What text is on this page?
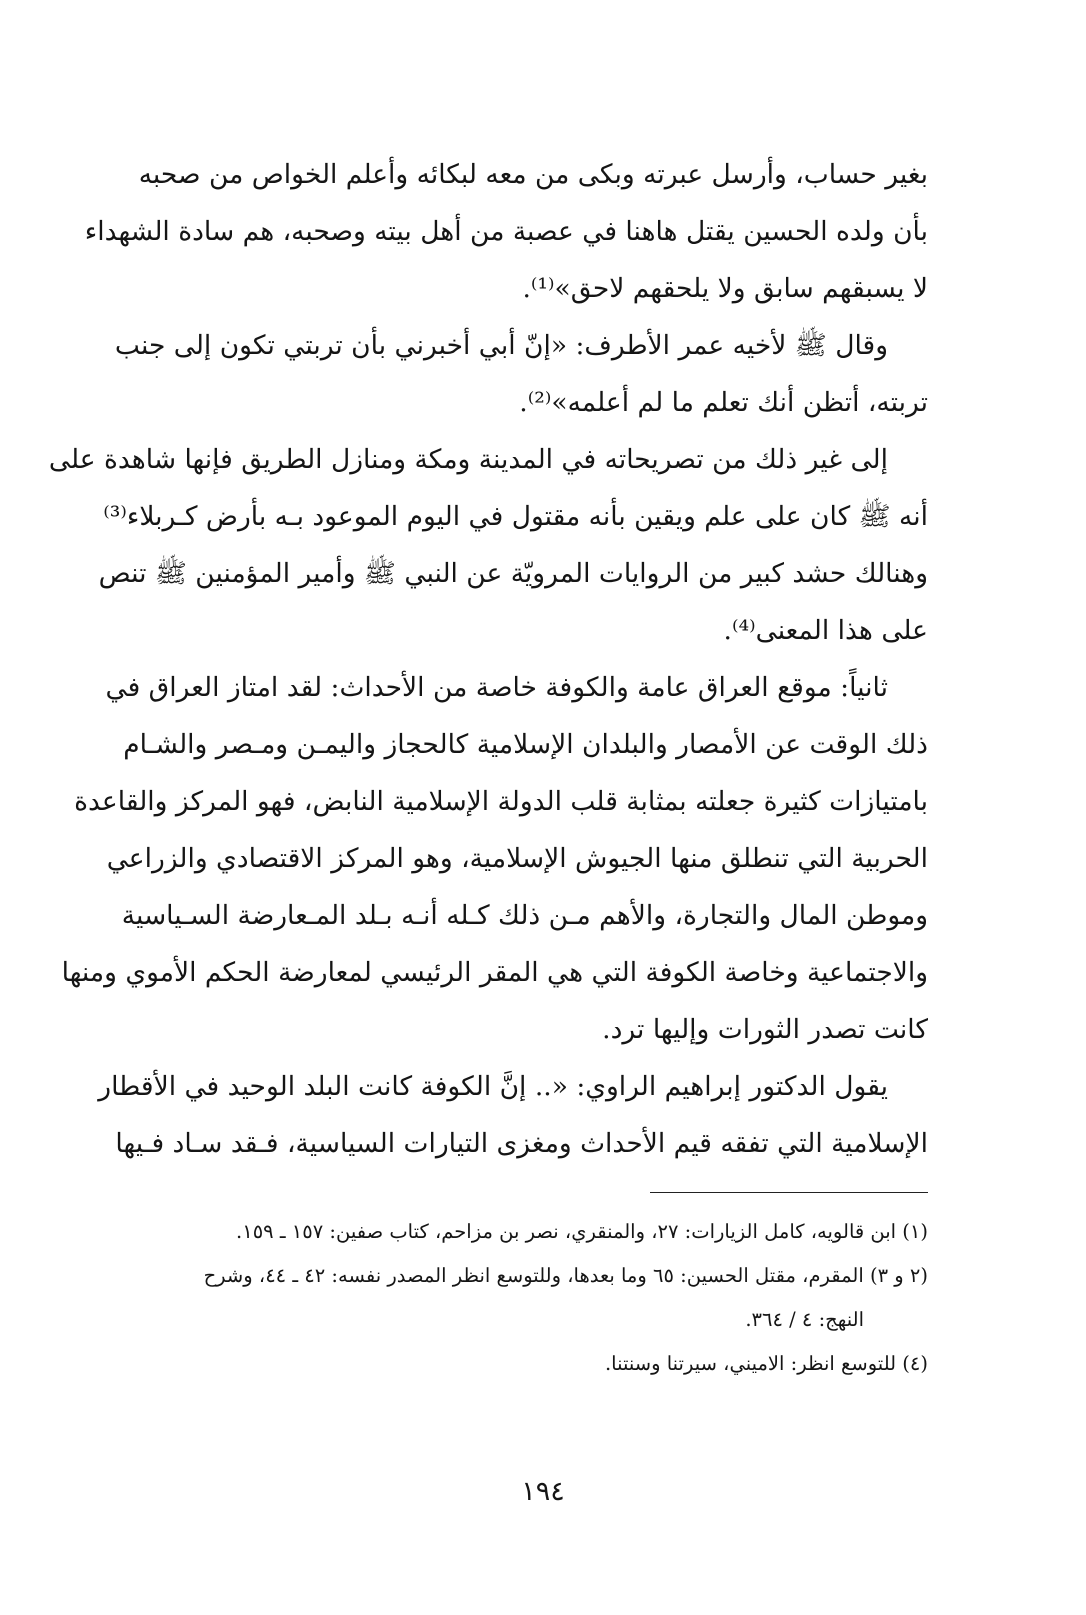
بغير حساب، وأرسل عبرته وبكى من معه لبكائه وأعلم الخواص من صحبه
بأن ولده الحسين يقتل هاهنا في عصبة من أهل بيته وصحبه، هم سادة الشهداء
لا يسبقهم سابق ولا يلحقهم لاحق»⁽¹⁾.
وقال ﷺ لأخيه عمر الأطرف: «إنّ أبي أخبرني بأن تربتي تكون إلى جنب
تربته، أتظن أنك تعلم ما لم أعلمه»⁽²⁾.
إلى غير ذلك من تصريحاته في المدينة ومكة ومنازل الطريق فإنها شاهدة على
أنه ﷺ كان على علم ويقين بأنه مقتول في اليوم الموعود بـه بأرض كـربلاء⁽³⁾
وهنالك حشد كبير من الروايات المرويّة عن النبي ﷺ وأمير المؤمنين ﷺ تنص
على هذا المعنى⁽⁴⁾.
ثانياً: موقع العراق عامة والكوفة خاصة من الأحداث: لقد امتاز العراق في
ذلك الوقت عن الأمصار والبلدان الإسلامية كالحجاز واليمـن ومـصر والشـام
بامتيازات كثيرة جعلته بمثابة قلب الدولة الإسلامية النابض، فهو المركز والقاعدة
الحربية التي تنطلق منها الجيوش الإسلامية، وهو المركز الاقتصادي والزراعي
وموطن المال والتجارة، والأهم مـن ذلك كـله أنـه بـلد المـعارضة السـياسية
والاجتماعية وخاصة الكوفة التي هي المقر الرئيسي لمعارضة الحكم الأموي ومنها
كانت تصدر الثورات وإليها ترد.
يقول الدكتور إبراهيم الراوي: «.. إنَّ الكوفة كانت البلد الوحيد في الأقطار
الإسلامية التي تفقه قيم الأحداث ومغزى التيارات السياسية، فـقد سـاد فـيها
(١) ابن قالويه، كامل الزيارات: ٢٧، والمنقري، نصر بن مزاحم، كتاب صفين: ١٥٧ ـ ١٥٩.
(٢ و ٣) المقرم، مقتل الحسين: ٦٥ وما بعدها، وللتوسع انظر المصدر نفسه: ٤٢ ـ ٤٤، وشرح
النهج: ٤ / ٣٦٤.
(٤) للتوسع انظر: الاميني، سيرتنا وسنتنا.
١٩٤
